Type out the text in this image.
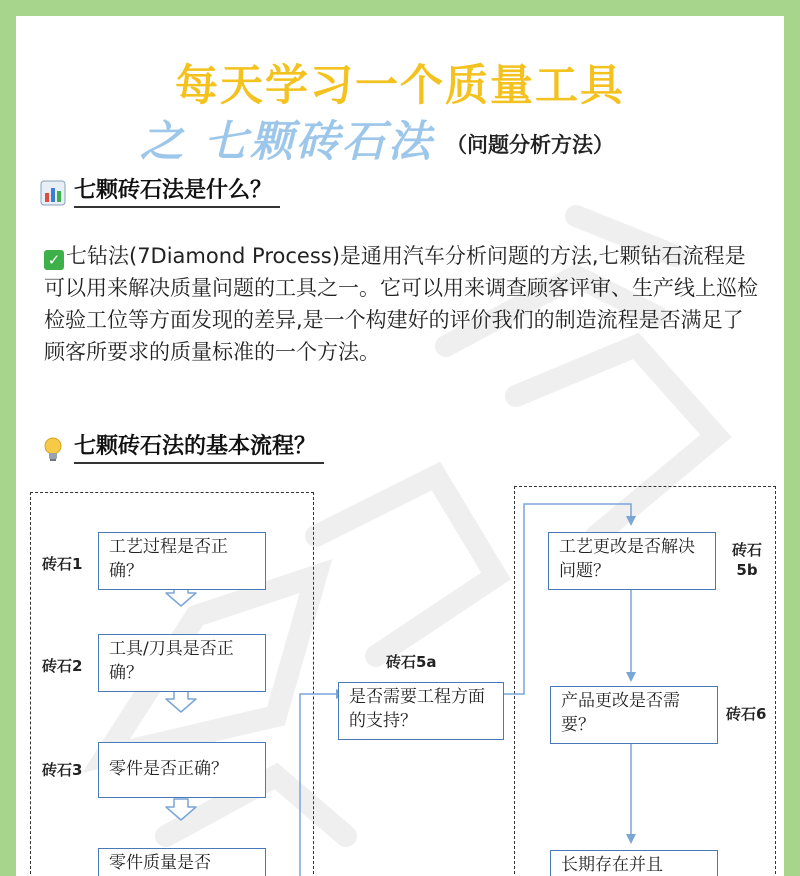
每天学习一个质量工具
之 七颗砖石法 （问题分析方法）
七颗砖石法是什么？
✓ 七钻法(7Diamond Process)是通用汽车分析问题的方法,七颗钻石流程是可以用来解决质量问题的工具之一。它可以用来调查顾客评审、生产线上巡检检验工位等方面发现的差异,是一个构建好的评价我们的制造流程是否满足了顾客所要求的质量标准的一个方法。
七颗砖石法的基本流程？
砖石1
工艺过程是否正确？
砖石2
工具/刀具是否正确？
砖石3	零件是否正确？
零件质量是否
砖石5a
是否需要工程方面的支持？
工艺更改是否解决问题？
砖石
5b
产品更改是否需要？
砖石6
长期存在并且
